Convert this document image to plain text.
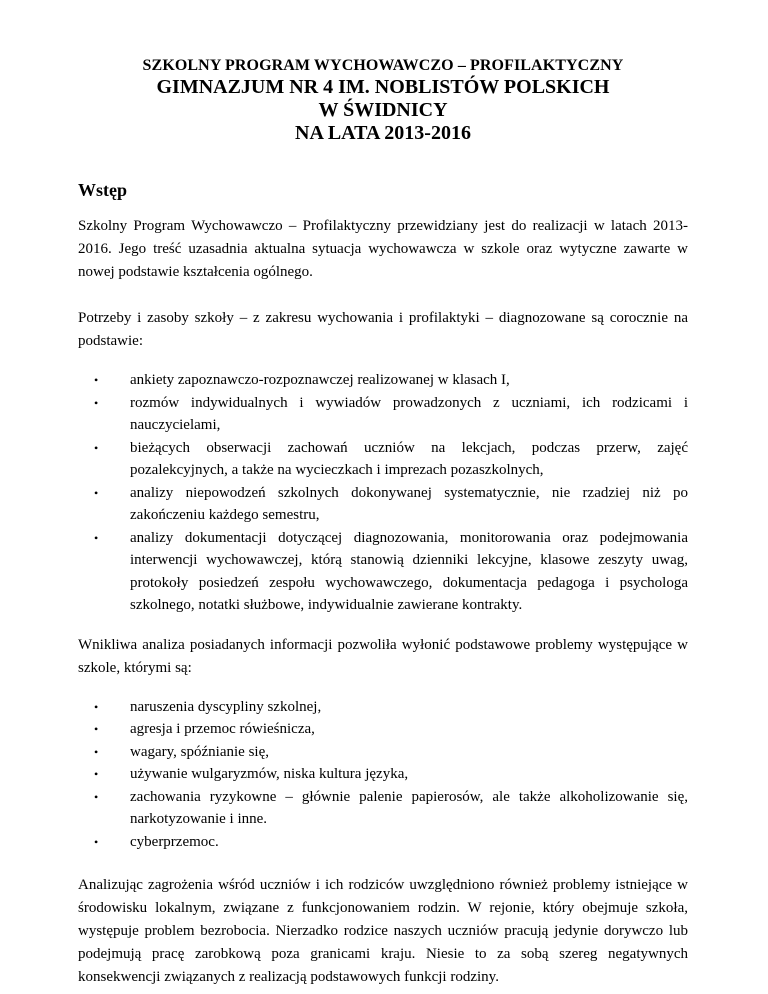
SZKOLNY PROGRAM WYCHOWAWCZO – PROFILAKTYCZNY
GIMNAZJUM NR 4 IM. NOBLISTÓW POLSKICH
W ŚWIDNICY
NA LATA 2013-2016
Wstęp

Szkolny Program Wychowawczo – Profilaktyczny przewidziany jest do realizacji w latach 2013-2016. Jego treść uzasadnia aktualna sytuacja wychowawcza w szkole oraz wytyczne zawarte w nowej podstawie kształcenia ogólnego.

Potrzeby i zasoby szkoły – z zakresu wychowania i profilaktyki – diagnozowane są corocznie na podstawie:

• ankiety zapoznawczo-rozpoznawczej realizowanej w klasach I,
• rozmów indywidualnych i wywiadów prowadzonych z uczniami, ich rodzicami i nauczycielami,
• bieżących obserwacji zachowań uczniów na lekcjach, podczas przerw, zajęć pozalekcyjnych, a także na wycieczkach i imprezach pozaszkolnych,
• analizy niepowodzeń szkolnych dokonywanej systematycznie, nie rzadziej niż po zakończeniu każdego semestru,
• analizy dokumentacji dotyczącej diagnozowania, monitorowania oraz podejmowania interwencji wychowawczej, którą stanowią dzienniki lekcyjne, klasowe zeszyty uwag, protokoły posiedzeń zespołu wychowawczego, dokumentacja pedagoga i psychologa szkolnego, notatki służbowe, indywidualnie zawierane kontrakty.

Wnikliwa analiza posiadanych informacji pozwoliła wyłonić podstawowe problemy występujące w szkole, którymi są:

• naruszenia dyscypliny szkolnej,
• agresja i przemoc rówieśnicza,
• wagary, spóźnianie się,
• używanie wulgaryzmów, niska kultura języka,
• zachowania ryzykowne – głównie palenie papierosów, ale także alkoholizowanie się, narkotyzowanie i inne.
• cyberprzemoc.

Analizując zagrożenia wśród uczniów i ich rodziców uwzględniono również problemy istniejące w środowisku lokalnym, związane z funkcjonowaniem rodzin. W rejonie, który obejmuje szkoła, występuje problem bezrobocia. Nierzadko rodzice naszych uczniów pracują jedynie dorywczo lub podejmują pracę zarobkową poza granicami kraju. Niesie to za sobą szereg negatywnych konsekwencji związanych z realizacją podstawowych funkcji rodziny.
